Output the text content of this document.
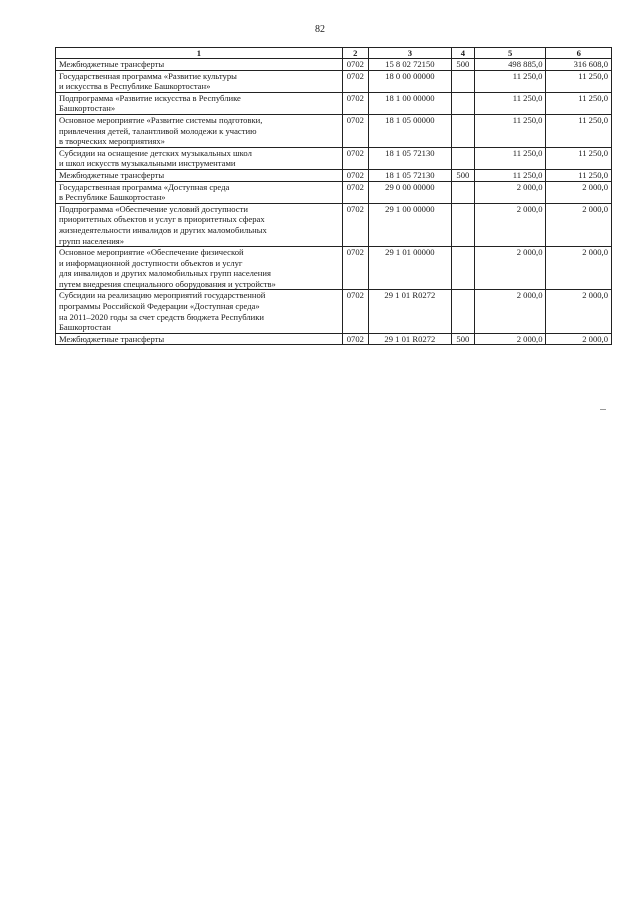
82
1	2	3	4	5	6
Межбюджетные трансферты	0702	15 8 02 72150	500	498 885,0	316 608,0
Государственная программа «Развитие культуры
и искусства в Республике Башкортостан»	0702	18 0 00 00000		11 250,0	11 250,0
Подпрограмма «Развитие искусства в Республике
Башкортостан»	0702	18 1 00 00000		11 250,0	11 250,0
Основное мероприятие «Развитие системы подготовки,
привлечения детей, талантливой молодежи к участию
в творческих мероприятиях»	0702	18 1 05 00000		11 250,0	11 250,0
Субсидии на оснащение детских музыкальных школ
и школ искусств музыкальными инструментами	0702	18 1 05 72130		11 250,0	11 250,0
Межбюджетные трансферты	0702	18 1 05 72130	500	11 250,0	11 250,0
Государственная программа «Доступная среда
в Республике Башкортостан»	0702	29 0 00 00000		2 000,0	2 000,0
Подпрограмма «Обеспечение условий доступности
приоритетных объектов и услуг в приоритетных сферах
жизнедеятельности инвалидов и других маломобильных
групп населения»	0702	29 1 00 00000		2 000,0	2 000,0
Основное мероприятие «Обеспечение физической
и информационной доступности объектов и услуг
для инвалидов и других маломобильных групп населения
путем внедрения специального оборудования и устройств»	0702	29 1 01 00000		2 000,0	2 000,0
Субсидии на реализацию мероприятий государственной
программы Российской Федерации «Доступная среда»
на 2011–2020 годы за счет средств бюджета Республики
Башкортостан	0702	29 1 01 R0272		2 000,0	2 000,0
Межбюджетные трансферты	0702	29 1 01 R0272	500	2 000,0	2 000,0
